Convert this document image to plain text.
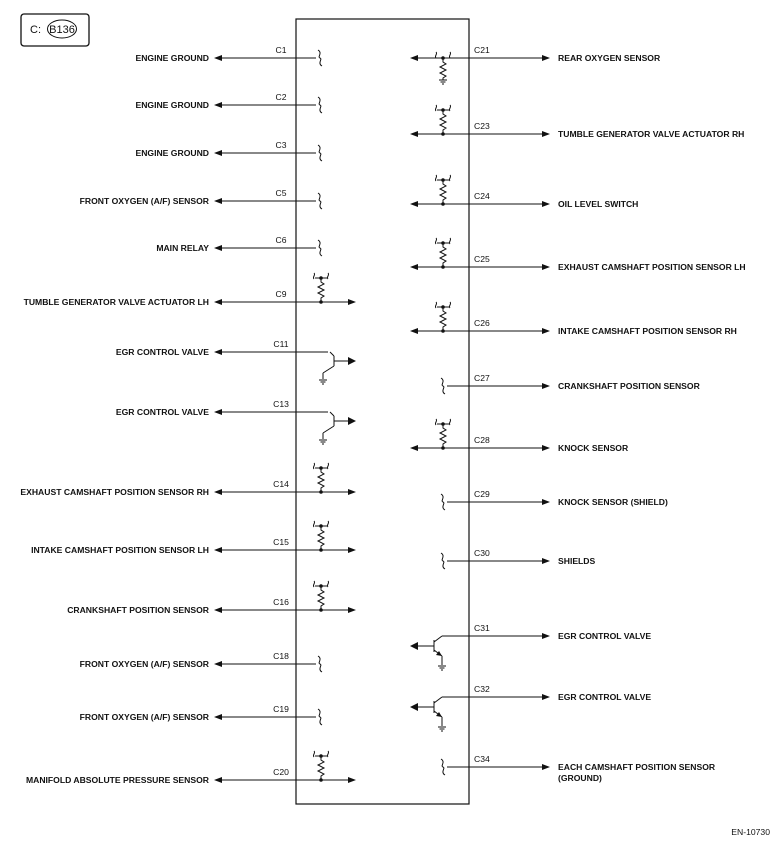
C: B136
ENGINE GROUND
C1
ENGINE GROUND
C2
ENGINE GROUND
C3
FRONT OXYGEN (A/F) SENSOR
C5
MAIN RELAY
C6
TUMBLE GENERATOR VALVE ACTUATOR LH
C9
EGR CONTROL VALVE
C11
EGR CONTROL VALVE
C13
EXHAUST CAMSHAFT POSITION SENSOR RH
C14
INTAKE CAMSHAFT POSITION SENSOR LH
C15
CRANKSHAFT POSITION SENSOR
C16
FRONT OXYGEN (A/F) SENSOR
C18
FRONT OXYGEN (A/F) SENSOR
C19
MANIFOLD ABSOLUTE PRESSURE SENSOR
C20
REAR OXYGEN SENSOR
C21
TUMBLE GENERATOR VALVE ACTUATOR RH
C23
OIL LEVEL SWITCH
C24
EXHAUST CAMSHAFT POSITION SENSOR LH
C25
INTAKE CAMSHAFT POSITION SENSOR RH
C26
CRANKSHAFT POSITION SENSOR
C27
KNOCK SENSOR
C28
KNOCK SENSOR (SHIELD)
C29
SHIELDS
C30
EGR CONTROL VALVE
C31
EGR CONTROL VALVE
C32
EACH CAMSHAFT POSITION SENSOR
(GROUND)
C34
EN-10730
